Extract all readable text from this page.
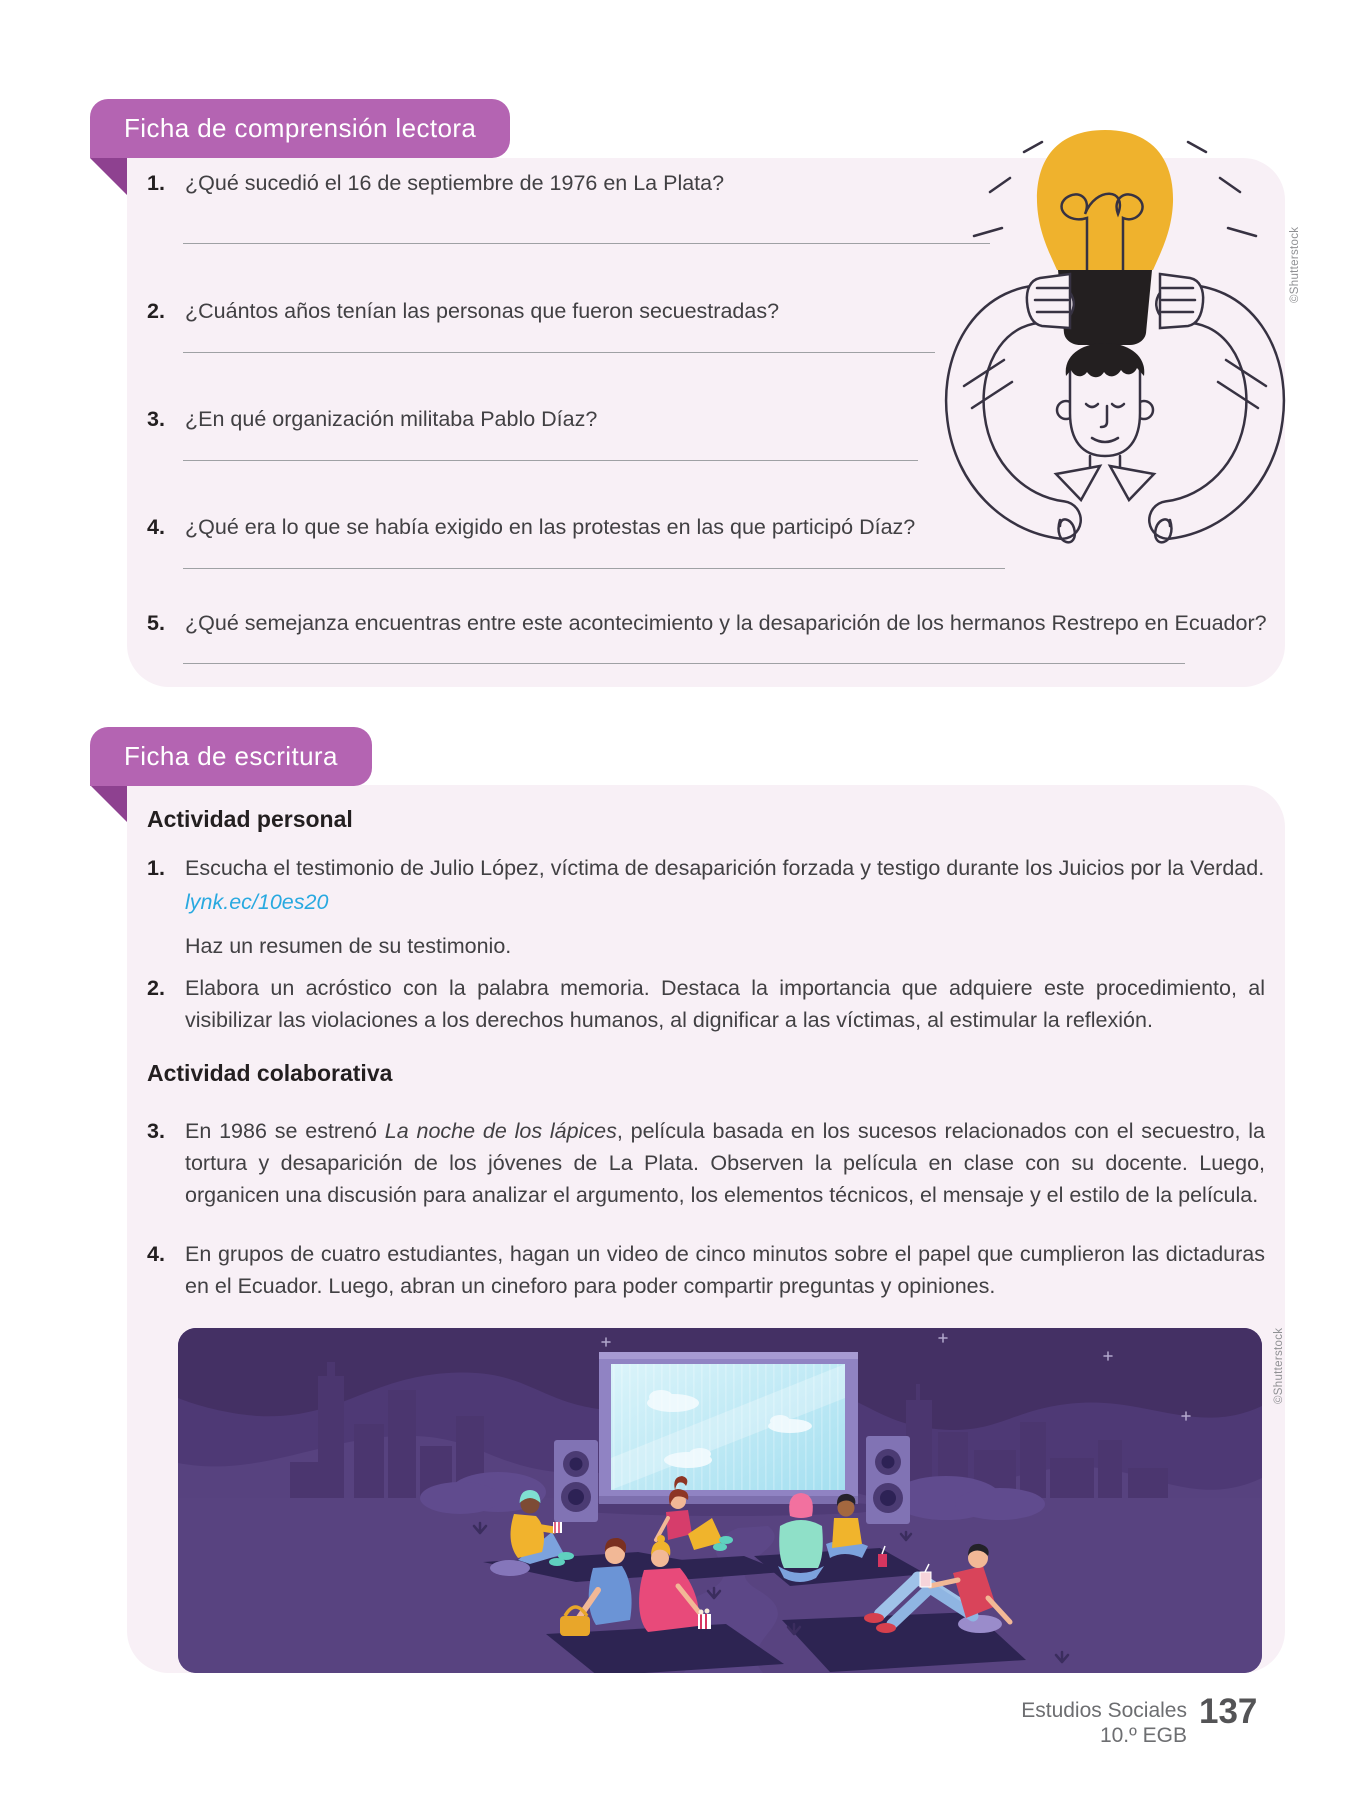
Ficha de comprensión lectora
1. ¿Qué sucedió el 16 de septiembre de 1976 en La Plata?
2. ¿Cuántos años tenían las personas que fueron secuestradas?
3. ¿En qué organización militaba Pablo Díaz?
4. ¿Qué era lo que se había exigido en las protestas en las que participó Díaz?
5. ¿Qué semejanza encuentras entre este acontecimiento y la desaparición de los hermanos Restrepo en Ecuador?
©Shutterstock
Ficha de escritura
Actividad personal
1. Escucha el testimonio de Julio López, víctima de desaparición forzada y testigo durante los Juicios por la Verdad.
lynk.ec/10es20
Haz un resumen de su testimonio.
2. Elabora un acróstico con la palabra memoria. Destaca la importancia que adquiere este procedimiento, al visibilizar las violaciones a los derechos humanos, al dignificar a las víctimas, al estimular la reflexión.
Actividad colaborativa
3. En 1986 se estrenó La noche de los lápices, película basada en los sucesos relacionados con el secuestro, la tortura y desaparición de los jóvenes de La Plata. Observen la película en clase con su docente. Luego, organicen una discusión para analizar el argumento, los elementos técnicos, el mensaje y el estilo de la película.
4. En grupos de cuatro estudiantes, hagan un video de cinco minutos sobre el papel que cumplieron las dictaduras en el Ecuador. Luego, abran un cineforo para poder compartir preguntas y opiniones.
©Shutterstock
Estudios Sociales
10.º EGB
137
